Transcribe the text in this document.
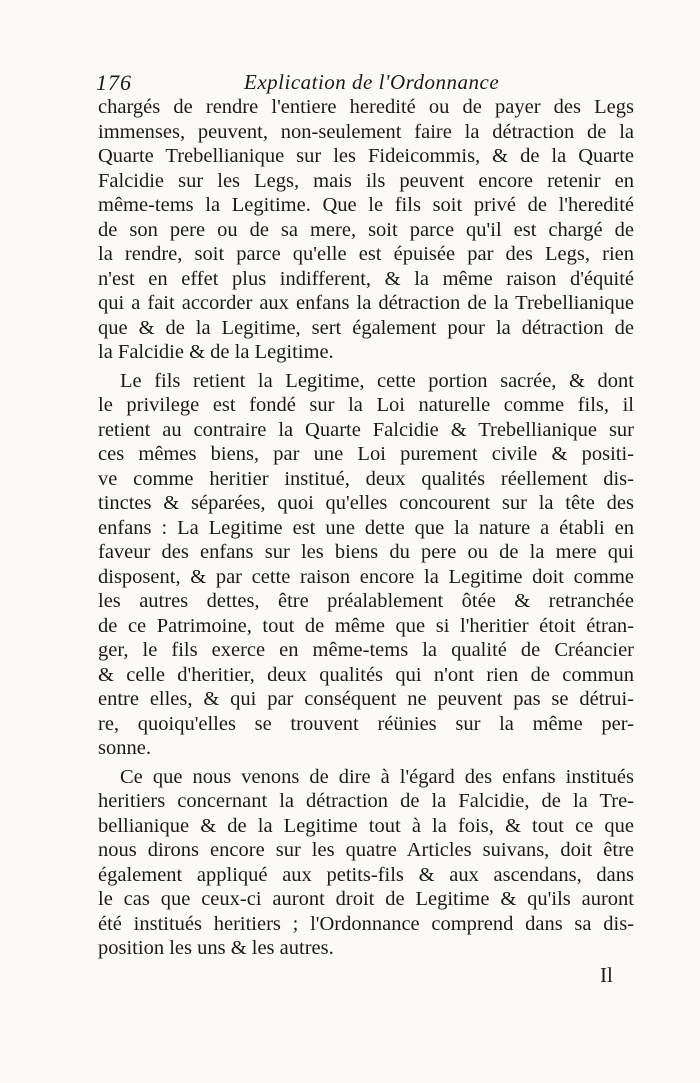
176	Explication de l'Ordonnance
chargés de rendre l'entiere heredité ou de payer des Legs
immenses, peuvent, non-seulement faire la détraction de la
Quarte Trebellianique sur les Fideicommis, & de la Quarte
Falcidie sur les Legs, mais ils peuvent encore retenir en
même-tems la Legitime. Que le fils soit privé de l'heredité
de son pere ou de sa mere, soit parce qu'il est chargé de
la rendre, soit parce qu'elle est épuisée par des Legs, rien
n'est en effet plus indifferent, & la même raison d'équité
qui a fait accorder aux enfans la détraction de la Trebellianique
que & de la Legitime, sert également pour la détraction de
la Falcidie & de la Legitime.
Le fils retient la Legitime, cette portion sacrée, & dont
le privilege est fondé sur la Loi naturelle comme fils, il
retient au contraire la Quarte Falcidie & Trebellianique sur
ces mêmes biens, par une Loi purement civile & positi-
ve comme heritier institué, deux qualités réellement dis-
tinctes & séparées, quoi qu'elles concourent sur la tête des
enfans : La Legitime est une dette que la nature a établi en
faveur des enfans sur les biens du pere ou de la mere qui
disposent, & par cette raison encore la Legitime doit comme
les autres dettes, être préalablement ôtée & retranchée
de ce Patrimoine, tout de même que si l'heritier étoit étran-
ger, le fils exerce en même-tems la qualité de Créancier
& celle d'heritier, deux qualités qui n'ont rien de commun
entre elles, & qui par conséquent ne peuvent pas se détrui-
re, quoiqu'elles se trouvent réünies sur la même per-
sonne.
Ce que nous venons de dire à l'égard des enfans institués
heritiers concernant la détraction de la Falcidie, de la Tre-
bellianique & de la Legitime tout à la fois, & tout ce que
nous dirons encore sur les quatre Articles suivans, doit être
également appliqué aux petits-fils & aux ascendans, dans
le cas que ceux-ci auront droit de Legitime & qu'ils auront
été institués heritiers ; l'Ordonnance comprend dans sa dis-
position les uns & les autres.
Il
